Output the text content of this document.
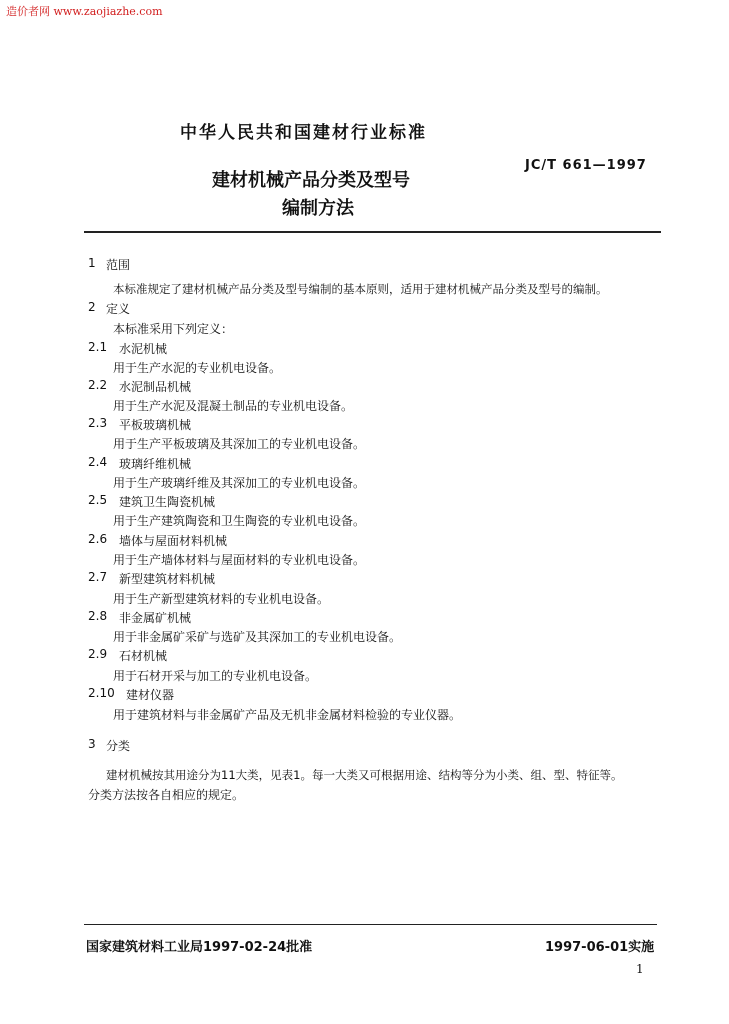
造价者网 www.zaojiazhe.com
中华人民共和国建材行业标准
JC/T 661—1997
建材机械产品分类及型号
编制方法
1 范围
本标准规定了建材机械产品分类及型号编制的基本原则，适用于建材机械产品分类及型号的编制。
2 定义
本标准采用下列定义：
2.1 水泥机械
用于生产水泥的专业机电设备。
2.2 水泥制品机械
用于生产水泥及混凝土制品的专业机电设备。
2.3 平板玻璃机械
用于生产平板玻璃及其深加工的专业机电设备。
2.4 玻璃纤维机械
用于生产玻璃纤维及其深加工的专业机电设备。
2.5 建筑卫生陶瓷机械
用于生产建筑陶瓷和卫生陶瓷的专业机电设备。
2.6 墙体与屋面材料机械
用于生产墙体材料与屋面材料的专业机电设备。
2.7 新型建筑材料机械
用于生产新型建筑材料的专业机电设备。
2.8 非金属矿机械
用于非金属矿采矿与选矿及其深加工的专业机电设备。
2.9 石材机械
用于石材开采与加工的专业机电设备。
2.10 建材仪器
用于建筑材料与非金属矿产品及无机非金属材料检验的专业仪器。
3 分类
建材机械按其用途分为11大类，见表1。每一大类又可根据用途、结构等分为小类、组、型、特征等。
分类方法按各自相应的规定。
国家建筑材料工业局1997-02-24批准	1997-06-01实施
1
